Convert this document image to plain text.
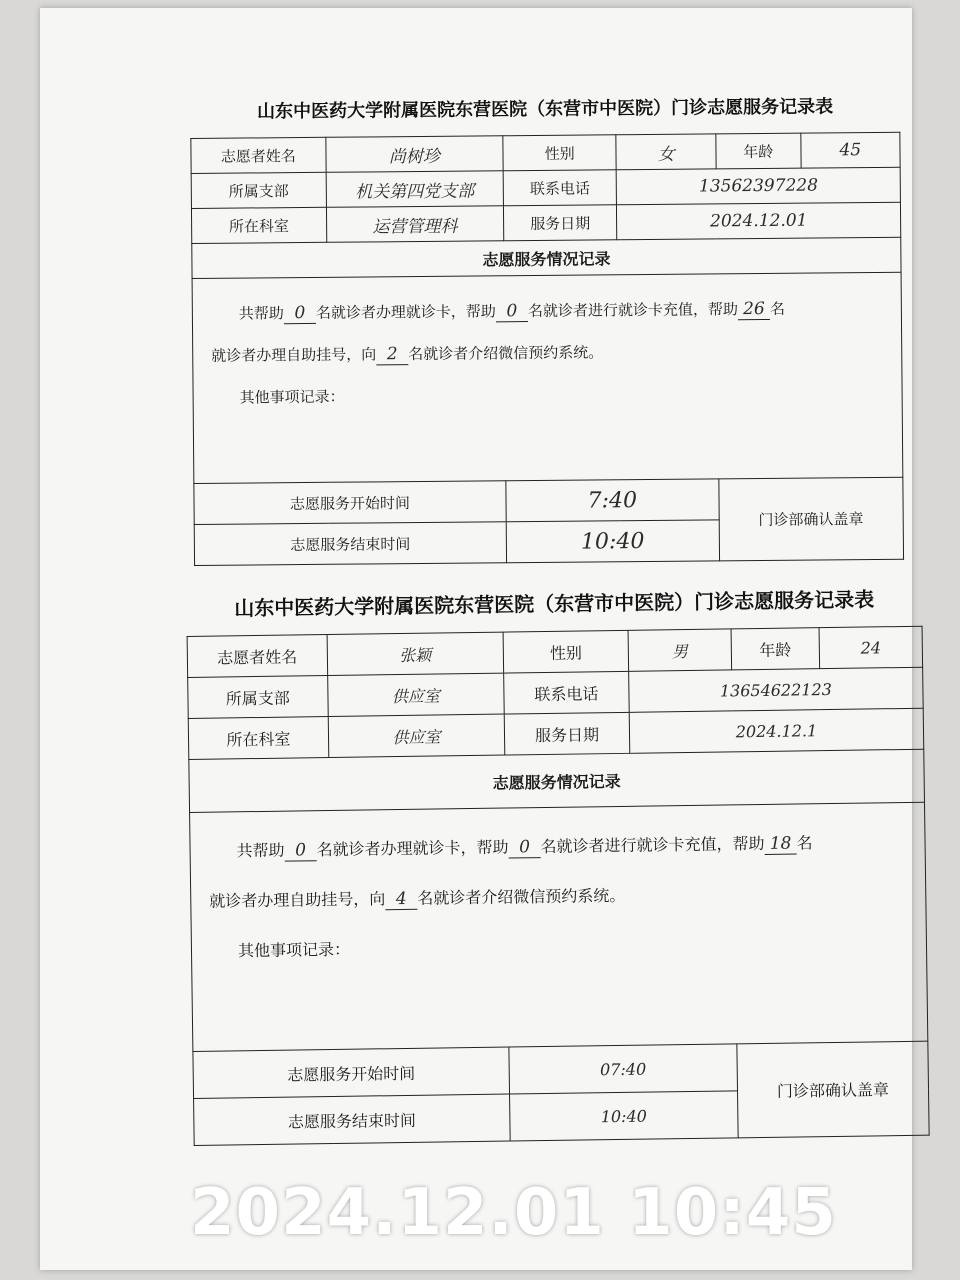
山东中医药大学附属医院东营医院（东营市中医院）门诊志愿服务记录表
志愿者姓名	尚树珍	性别	女	年龄	45
所属支部	机关第四党支部	联系电话	13562397228		
所在科室	运营管理科	服务日期	2024.12.01		
志愿服务情况记录					

共帮助 0 名就诊者办理就诊卡，帮助 0 名就诊者进行就诊卡充值，帮助 26 名
就诊者办理自助挂号，向 2 名就诊者介绍微信预约系统。
其他事项记录：					

志愿服务开始时间		7:40		门诊部确认盖章	
志愿服务结束时间		10:40			
山东中医药大学附属医院东营医院（东营市中医院）门诊志愿服务记录表
志愿者姓名	张颖	性别	男	年龄	24
所属支部	供应室	联系电话	13654622123		
所在科室	供应室	服务日期	2024.12.1		
志愿服务情况记录					

共帮助 0 名就诊者办理就诊卡，帮助 0 名就诊者进行就诊卡充值，帮助 18 名
就诊者办理自助挂号，向 4 名就诊者介绍微信预约系统。
其他事项记录：					

志愿服务开始时间		07:40		门诊部确认盖章	
志愿服务结束时间		10:40			
2024.12.01 10:45
